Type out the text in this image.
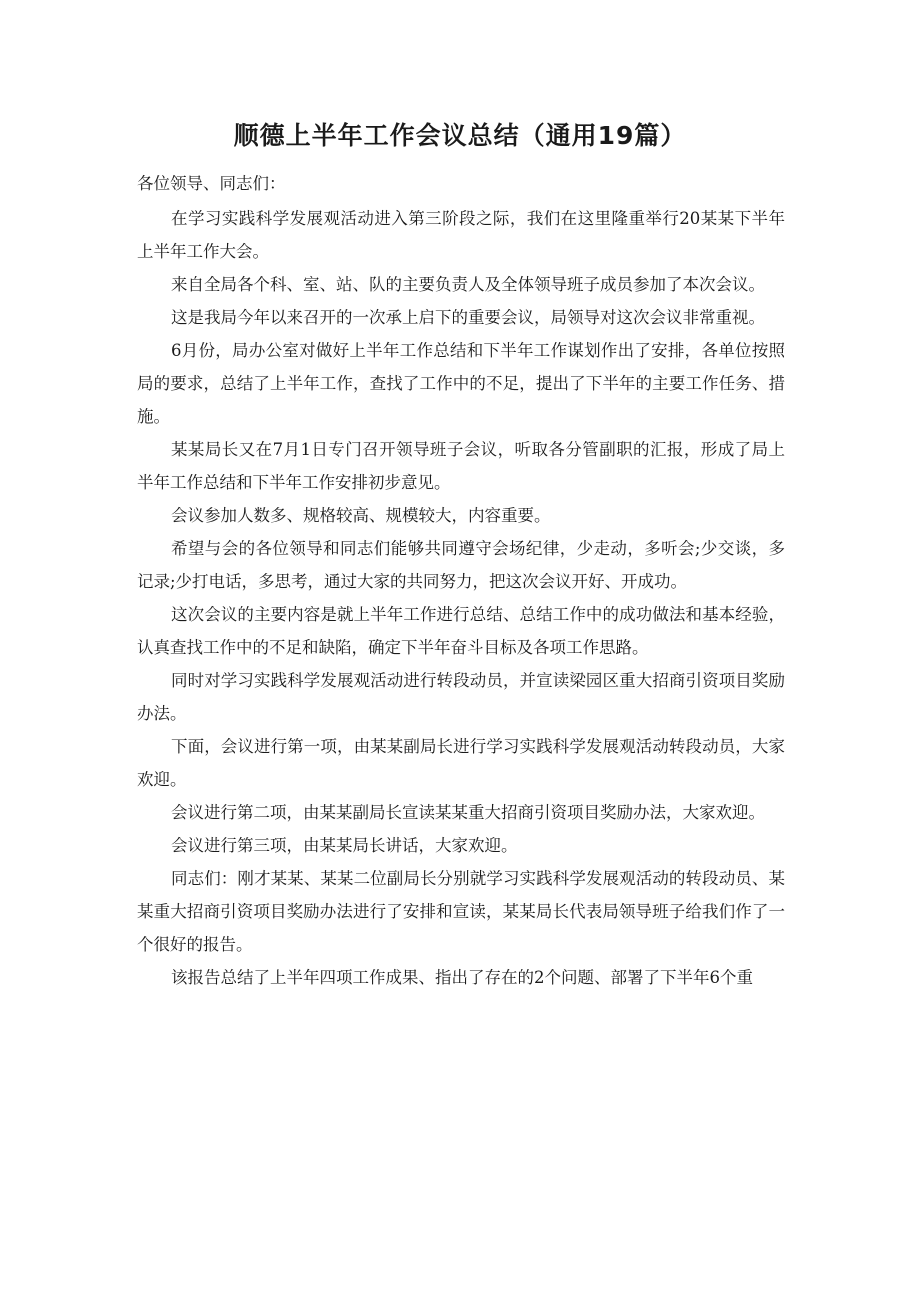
顺德上半年工作会议总结（通用19篇）

各位领导、同志们：

在学习实践科学发展观活动进入第三阶段之际，我们在这里隆重举行20某某下半年上半年工作大会。

来自全局各个科、室、站、队的主要负责人及全体领导班子成员参加了本次会议。

这是我局今年以来召开的一次承上启下的重要会议，局领导对这次会议非常重视。

6月份，局办公室对做好上半年工作总结和下半年工作谋划作出了安排，各单位按照局的要求，总结了上半年工作，查找了工作中的不足，提出了下半年的主要工作任务、措施。

某某局长又在7月1日专门召开领导班子会议，听取各分管副职的汇报，形成了局上半年工作总结和下半年工作安排初步意见。

会议参加人数多、规格较高、规模较大，内容重要。

希望与会的各位领导和同志们能够共同遵守会场纪律，少走动，多听会;少交谈，多记录;少打电话，多思考，通过大家的共同努力，把这次会议开好、开成功。

这次会议的主要内容是就上半年工作进行总结、总结工作中的成功做法和基本经验，认真查找工作中的不足和缺陷，确定下半年奋斗目标及各项工作思路。

同时对学习实践科学发展观活动进行转段动员，并宣读梁园区重大招商引资项目奖励办法。

下面，会议进行第一项，由某某副局长进行学习实践科学发展观活动转段动员，大家欢迎。

会议进行第二项，由某某副局长宣读某某重大招商引资项目奖励办法，大家欢迎。

会议进行第三项，由某某局长讲话，大家欢迎。

同志们：刚才某某、某某二位副局长分别就学习实践科学发展观活动的转段动员、某某重大招商引资项目奖励办法进行了安排和宣读，某某局长代表局领导班子给我们作了一个很好的报告。

该报告总结了上半年四项工作成果、指出了存在的2个问题、部署了下半年6个重
